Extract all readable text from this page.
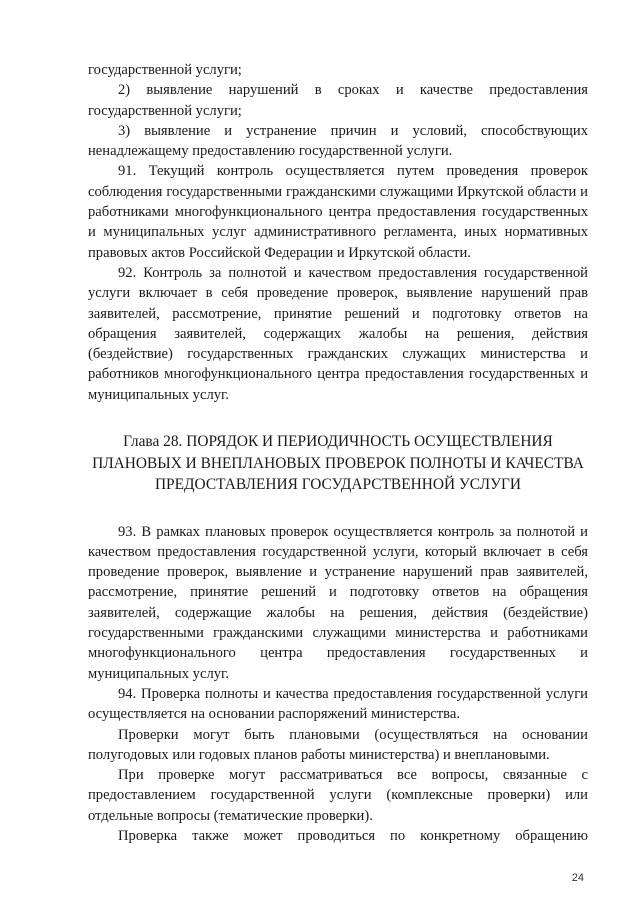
государственной услуги;

2) выявление нарушений в сроках и качестве предоставления государственной услуги;

3) выявление и устранение причин и условий, способствующих ненадлежащему предоставлению государственной услуги.

91. Текущий контроль осуществляется путем проведения проверок соблюдения государственными гражданскими служащими Иркутской области и работниками многофункционального центра предоставления государственных и муниципальных услуг административного регламента, иных нормативных правовых актов Российской Федерации и Иркутской области.

92. Контроль за полнотой и качеством предоставления государственной услуги включает в себя проведение проверок, выявление нарушений прав заявителей, рассмотрение, принятие решений и подготовку ответов на обращения заявителей, содержащих жалобы на решения, действия (бездействие) государственных гражданских служащих министерства и работников многофункционального центра предоставления государственных и муниципальных услуг.

Глава 28. ПОРЯДОК И ПЕРИОДИЧНОСТЬ ОСУЩЕСТВЛЕНИЯ
ПЛАНОВЫХ И ВНЕПЛАНОВЫХ ПРОВЕРОК ПОЛНОТЫ И КАЧЕСТВА
ПРЕДОСТАВЛЕНИЯ ГОСУДАРСТВЕННОЙ УСЛУГИ

93. В рамках плановых проверок осуществляется контроль за полнотой и качеством предоставления государственной услуги, который включает в себя проведение проверок, выявление и устранение нарушений прав заявителей, рассмотрение, принятие решений и подготовку ответов на обращения заявителей, содержащие жалобы на решения, действия (бездействие) государственными гражданскими служащими министерства и работниками многофункционального центра предоставления государственных и муниципальных услуг.

94. Проверка полноты и качества предоставления государственной услуги осуществляется на основании распоряжений министерства.

Проверки могут быть плановыми (осуществляться на основании полугодовых или годовых планов работы министерства) и внеплановыми.

При проверке могут рассматриваться все вопросы, связанные с предоставлением государственной услуги (комплексные проверки) или отдельные вопросы (тематические проверки).

Проверка также может проводиться по конкретному обращению

24
